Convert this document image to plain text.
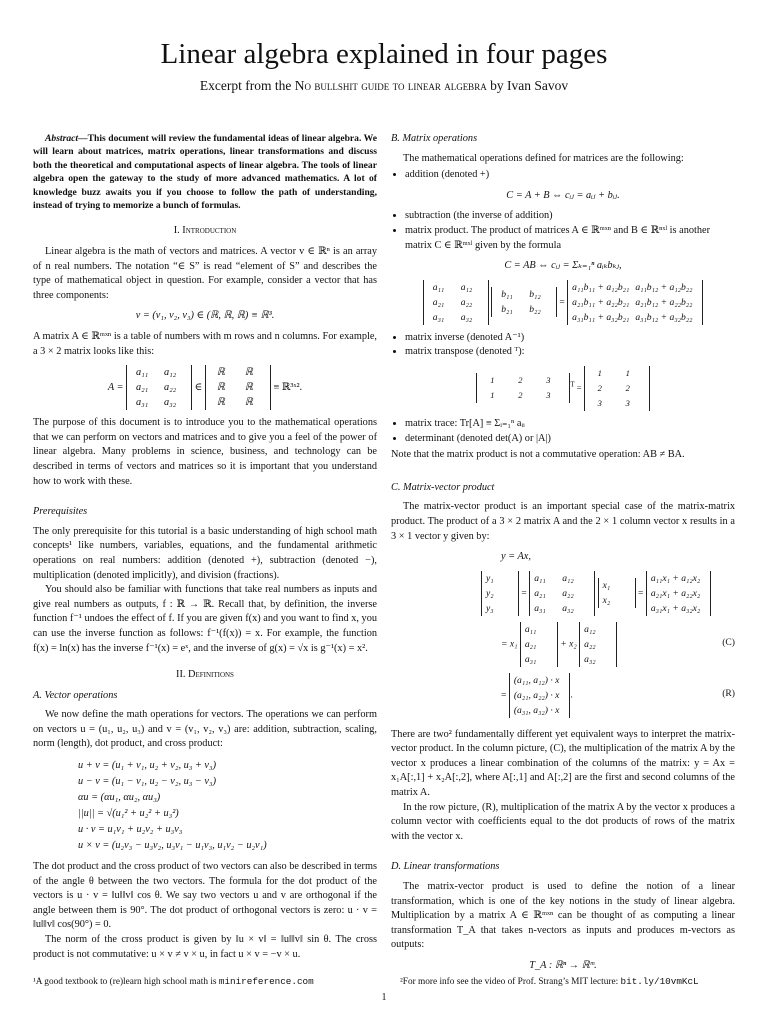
Linear algebra explained in four pages
Excerpt from the No bullshit guide to linear algebra by Ivan Savov

Abstract—This document will review the fundamental ideas of linear algebra. We will learn about matrices, matrix operations, linear transformations and discuss both the theoretical and computational aspects of linear algebra. The tools of linear algebra open the gateway to the study of more advanced mathematics. A lot of knowledge buzz awaits you if you choose to follow the path of understanding, instead of trying to memorize a bunch of formulas.

I. Introduction

Linear algebra is the math of vectors and matrices. A vector v ∈ ℝⁿ is an array of n real numbers. The notation “∈ S” is read “element of S” and describes the type of mathematical object in question. For example, consider a vector that has three components:

v = (v₁, v₂, v₃) ∈ (ℝ, ℝ, ℝ) ≡ ℝ³.

A matrix A ∈ ℝᵐˣⁿ is a table of numbers with m rows and n columns. For example, a 3 × 2 matrix looks like this:

A =
a₁₁ a₁₂
a₂₁ a₂₂
a₃₁ a₃₂
∈
ℝ ℝ
ℝ ℝ
ℝ ℝ
≡ ℝ³ˣ².

The purpose of this document is to introduce you to the mathematical operations that we can perform on vectors and matrices and to give you a feel of the power of linear algebra. Many problems in science, business, and technology can be described in terms of vectors and matrices so it is important that you understand how to work with these.

Prerequisites

The only prerequisite for this tutorial is a basic understanding of high school math concepts¹ like numbers, variables, equations, and the fundamental arithmetic operations on real numbers: addition (denoted +), subtraction (denoted −), multiplication (denoted implicitly), and division (fractions).

You should also be familiar with functions that take real numbers as inputs and give real numbers as outputs, f : ℝ → ℝ. Recall that, by definition, the inverse function f⁻¹ undoes the effect of f. If you are given f(x) and you want to find x, you can use the inverse function as follows: f⁻¹(f(x)) = x. For example, the function f(x) = ln(x) has the inverse f⁻¹(x) = eˣ, and the inverse of g(x) = √x is g⁻¹(x) = x².

II. Definitions
A. Vector operations

We now define the math operations for vectors. The operations we can perform on vectors u = (u₁, u₂, u₃) and v = (v₁, v₂, v₃) are: addition, subtraction, scaling, norm (length), dot product, and cross product:

u + v = (u₁ + v₁, u₂ + v₂, u₃ + v₃)
u − v = (u₁ − v₁, u₂ − v₂, u₃ − v₃)
αu = (αu₁, αu₂, αu₃)
||u|| = √(u₁² + u₂² + u₃²)
u · v = u₁v₁ + u₂v₂ + u₃v₃
u × v = (u₂v₃ − u₃v₂, u₃v₁ − u₁v₃, u₁v₂ − u₂v₁)

The dot product and the cross product of two vectors can also be described in terms of the angle θ between the two vectors. The formula for the dot product of the vectors is u · v = ‖u‖‖v‖ cos θ. We say two vectors u and v are orthogonal if the angle between them is 90°. The dot product of orthogonal vectors is zero: u · v = ‖u‖‖v‖ cos(90°) = 0.

The norm of the cross product is given by ‖u × v‖ = ‖u‖‖v‖ sin θ. The cross product is not commutative: u × v ≠ v × u, in fact u × v = −v × u.

B. Matrix operations

The mathematical operations defined for matrices are the following:

• addition (denoted +)
C = A + B ⇔ cᵢⱼ = aᵢⱼ + bᵢⱼ.
• subtraction (the inverse of addition)
• matrix product. The product of matrices A ∈ ℝᵐˣⁿ and B ∈ ℝⁿˣˡ is another matrix C ∈ ℝᵐˣˡ given by the formula
C = AB ⇔ cᵢⱼ = Σₖ₌₁ⁿ aᵢₖbₖⱼ,
a₁₁ a₁₂
a₂₁ a₂₂
a₃₁ a₃₂

b₁₁ b₁₂
b₂₁ b₂₂
=
a₁₁b₁₁ + a₁₂b₂₁ a₁₁b₁₂ + a₁₂b₂₂
a₂₁b₁₁ + a₂₂b₂₁ a₂₁b₁₂ + a₂₂b₂₂
a₃₁b₁₁ + a₃₂b₂₁ a₃₁b₁₂ + a₃₂b₂₂
• matrix inverse (denoted A⁻¹)
• matrix transpose (denoted ᵀ):
1	2	3
1	2	3
$^T$ =
1	1
2	2
3	3
• matrix trace: Tr[A] ≡ Σᵢ₌₁ⁿ aᵢᵢ
• determinant (denoted det(A) or |A|)

Note that the matrix product is not a commutative operation: AB ≠ BA.

C. Matrix-vector product

The matrix-vector product is an important special case of the matrix-matrix product. The product of a 3 × 2 matrix A and the 2 × 1 column vector x results in a 3 × 1 vector y given by:

y = Ax,
y₁
y₂
y₃
=
a₁₁ a₁₂
a₂₁ a₂₂
a₃₁ a₃₂

x₁
x₂
=
a₁₁x₁ + a₁₂x₂
a₂₁x₁ + a₂₂x₂
a₃₁x₁ + a₃₂x₂
= x₁
a₁₁
a₂₁
a₃₁
+ x₂
a₁₂
a₂₂
a₃₂
(C)
=
(a₁₁, a₁₂) · x
(a₂₁, a₂₂) · x
(a₃₁, a₃₂) · x
.	(R)

There are two² fundamentally different yet equivalent ways to interpret the matrix-vector product. In the column picture, (C), the multiplication of the matrix A by the vector x produces a linear combination of the columns of the matrix: y = Ax = x₁A[:,1] + x₂A[:,2], where A[:,1] and A[:,2] are the first and second columns of the matrix A.

In the row picture, (R), multiplication of the matrix A by the vector x produces a column vector with coefficients equal to the dot products of rows of the matrix with the vector x.

D. Linear transformations

The matrix-vector product is used to define the notion of a linear transformation, which is one of the key notions in the study of linear algebra. Multiplication by a matrix A ∈ ℝᵐˣⁿ can be thought of as computing a linear transformation T_A that takes n-vectors as inputs and produces m-vectors as outputs:

T_A : ℝⁿ → ℝᵐ.
¹A good textbook to (re)learn high school math is minireference.com	²For more info see the video of Prof. Strang’s MIT lecture: bit.ly/10vmKcL
1
